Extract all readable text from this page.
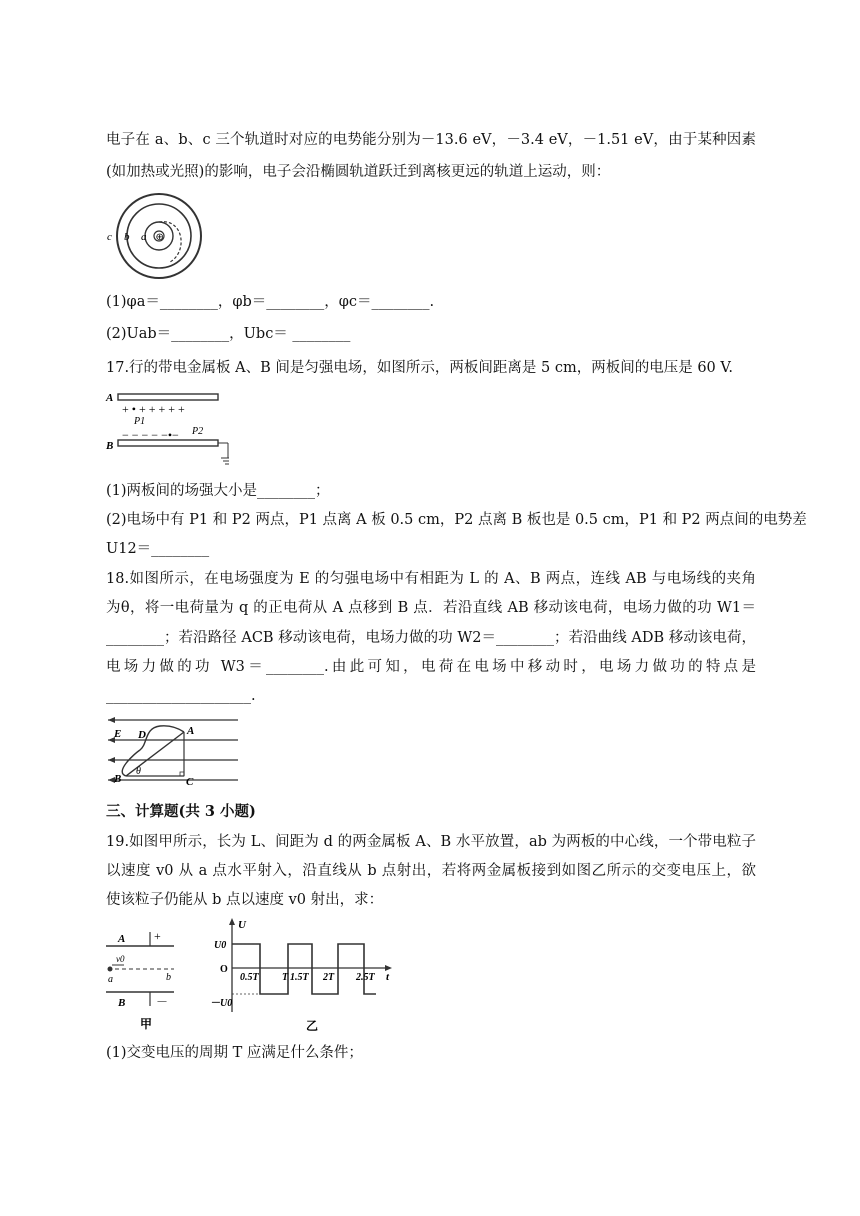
电子在 a、b、c 三个轨道时对应的电势能分别为－13.6 eV，－3.4 eV，－1.51 eV，由于某种因素
(如加热或光照)的影响，电子会沿椭圆轨道跃迁到离核更远的轨道上运动，则：
⊕
c b a
(1)φa＝________，φb＝________，φc＝________.
(2)Uab＝________，Ubc＝ ________
17.行的带电金属板 A、B 间是匀强电场，如图所示，两板间距离是 5 cm，两板间的电压是 60 V.
+ • + + + + +
− − − − −•−
A
B
P1
P2
(1)两板间的场强大小是________；
(2)电场中有 P1 和 P2 两点，P1 点离 A 板 0.5 cm，P2 点离 B 板也是 0.5 cm，P1 和 P2 两点间的电势差
U12＝________
18.如图所示，在电场强度为 E 的匀强电场中有相距为 L 的 A、B 两点，连线 AB 与电场线的夹角
为θ，将一电荷量为 q 的正电荷从 A 点移到 B 点．若沿直线 AB 移动该电荷，电场力做的功 W1＝
________；若沿路径 ACB 移动该电荷，电场力做的功 W2＝________；若沿曲线 ADB 移动该电荷，
电场力做的功 W3＝________.由此可知，电荷在电场中移动时，电场力做功的特点是
____________________.
E D	A
B
θ
C
三、计算题(共 3 小题)
19.如图甲所示，长为 L、间距为 d 的两金属板 A、B 水平放置，ab 为两板的中心线，一个带电粒子
以速度 v0 从 a 点水平射入，沿直线从 b 点射出，若将两金属板接到如图乙所示的交变电压上，欲
使该粒子仍能从 b 点以速度 v0 射出，求：
A +
v0
a	b
B	－
甲
U
U0
O
0.5T T 1.5T 2T 2.5T t
－U0
乙
(1)交变电压的周期 T 应满足什么条件；
